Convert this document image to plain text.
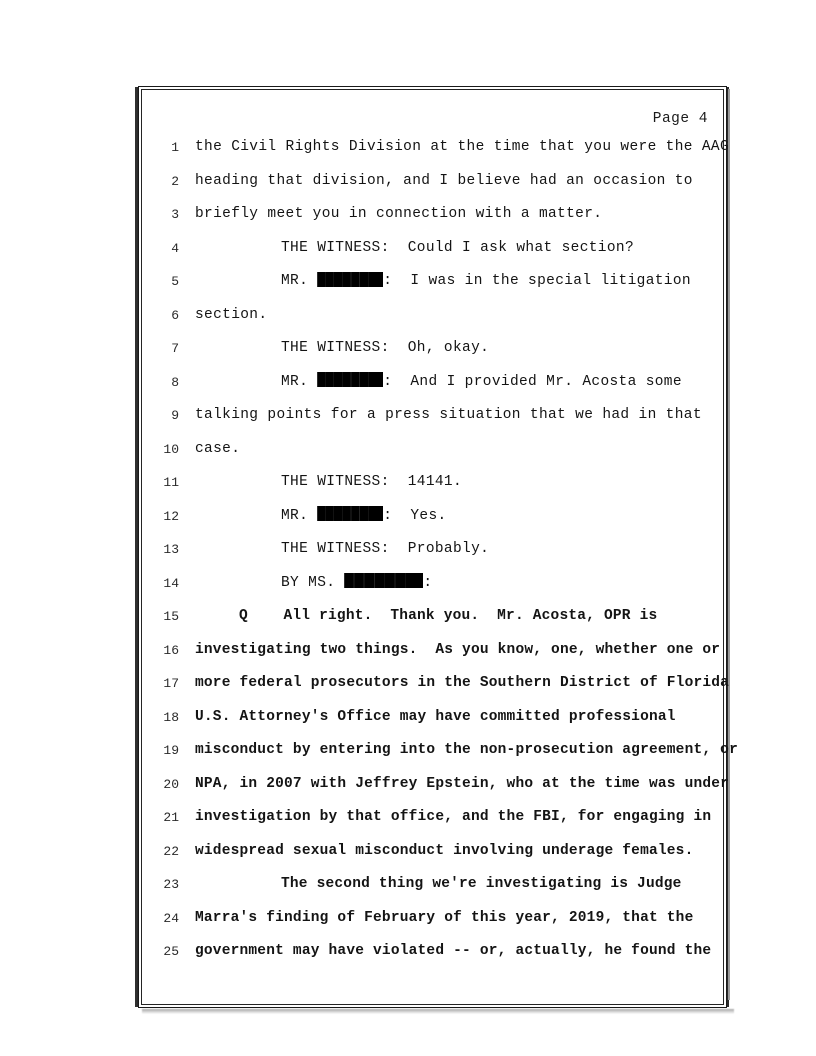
Page 4
1 the Civil Rights Division at the time that you were the AAG
2 heading that division, and I believe had an occasion to
3 briefly meet you in connection with a matter.
4	THE WITNESS:  Could I ask what section?
5	MR.	:  I was in the special litigation
6 section.
7	THE WITNESS:  Oh, okay.
8	MR.	:  And I provided Mr. Acosta some
9 talking points for a press situation that we had in that
10 case.
11	THE WITNESS:  14141.
12	MR.	:  Yes.
13	THE WITNESS:  Probably.
14	BY MS.	:
15	Q    All right.  Thank you.  Mr. Acosta, OPR is
16 investigating two things.  As you know, one, whether one or
17 more federal prosecutors in the Southern District of Florida
18 U.S. Attorney's Office may have committed professional
19 misconduct by entering into the non-prosecution agreement, or
20 NPA, in 2007 with Jeffrey Epstein, who at the time was under
21 investigation by that office, and the FBI, for engaging in
22 widespread sexual misconduct involving underage females.
23	The second thing we're investigating is Judge
24 Marra's finding of February of this year, 2019, that the
25 government may have violated -- or, actually, he found the
